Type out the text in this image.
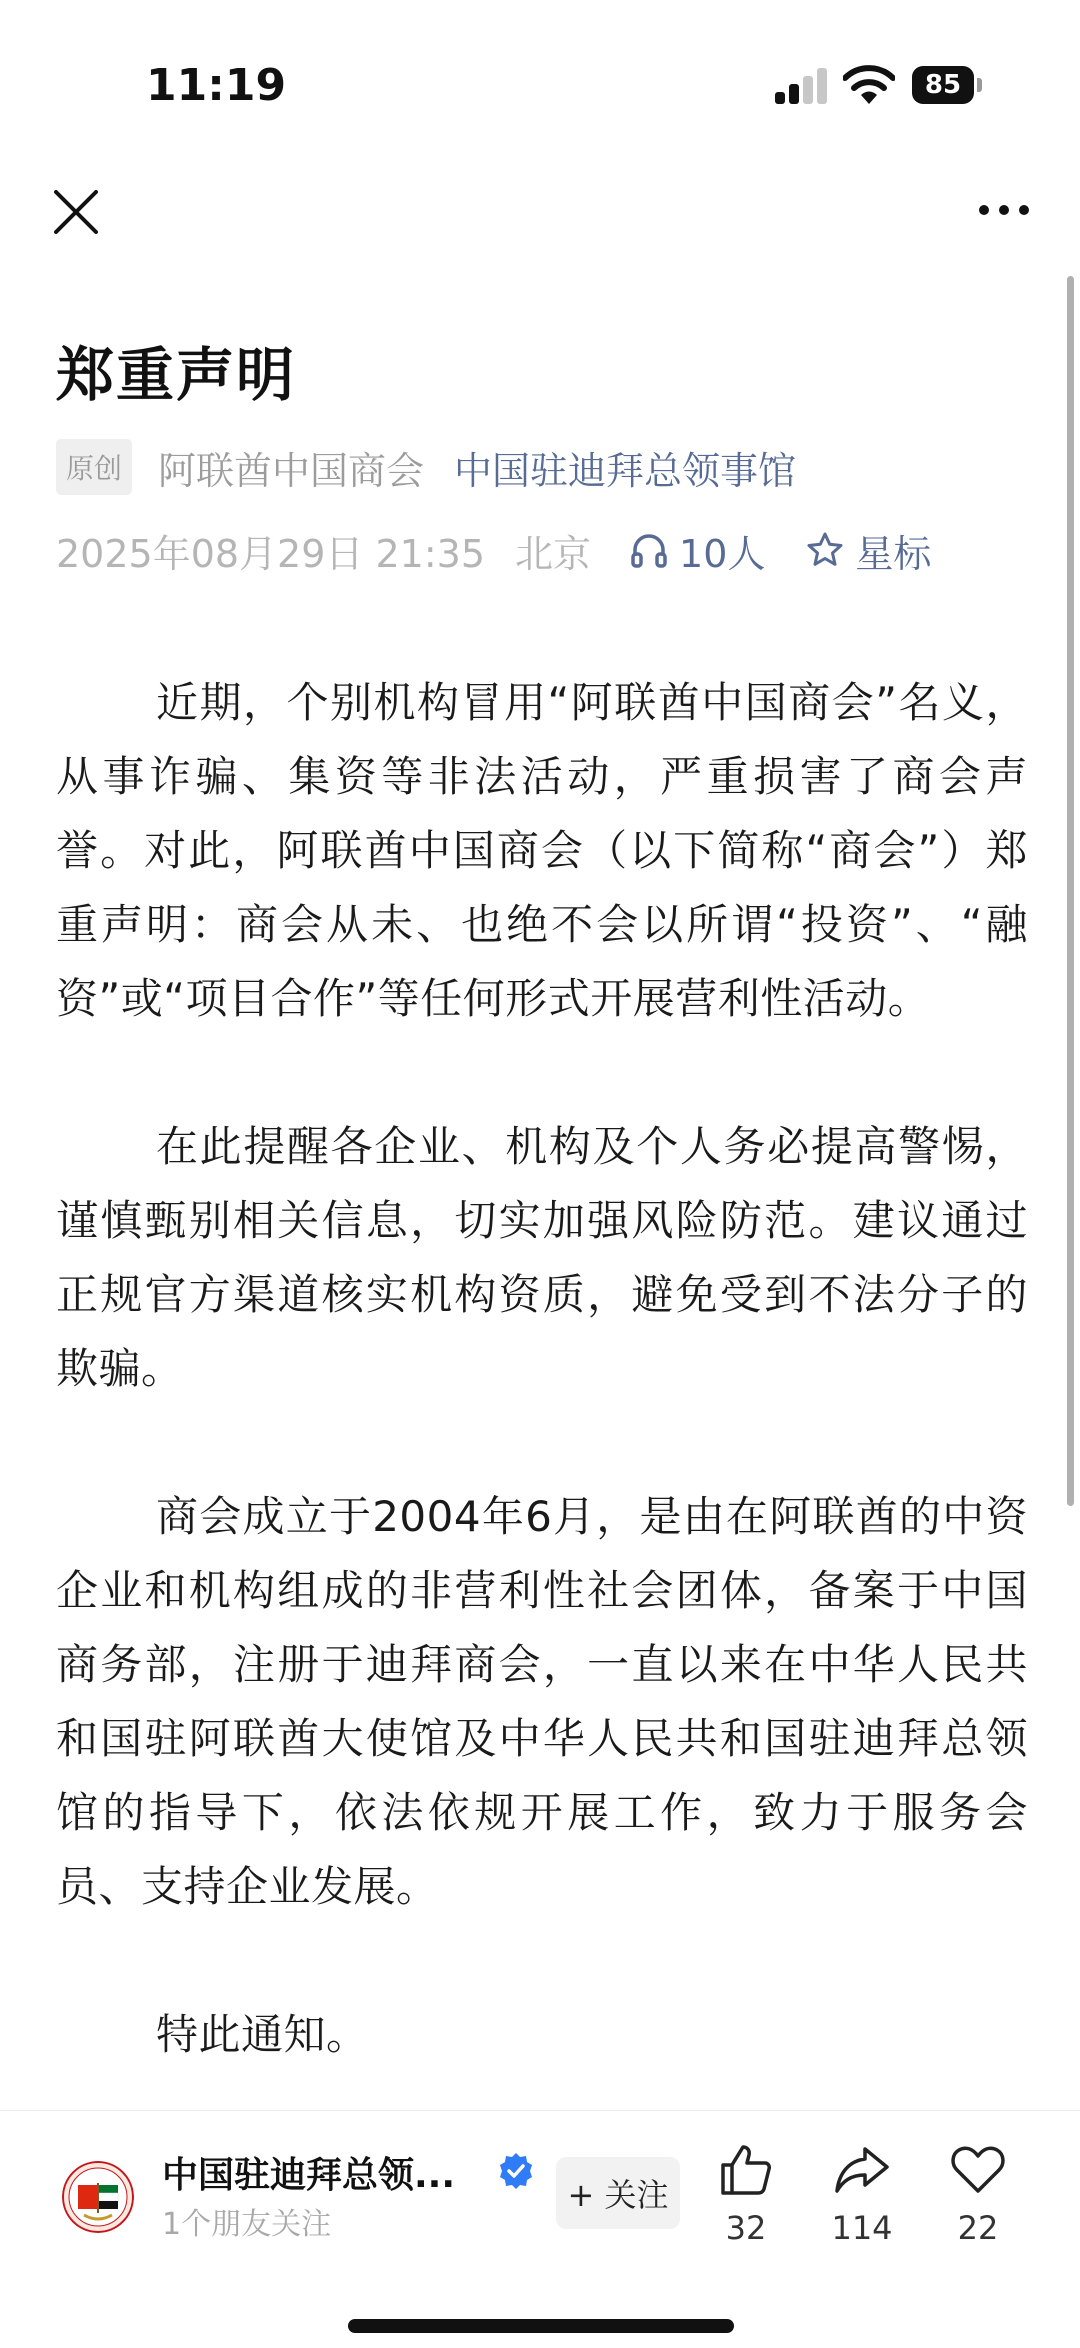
11:19	85
郑重声明
原创 阿联酋中国商会 中国驻迪拜总领事馆
2025年08月29日 21:35 北京 10人 星标

近期，个别机构冒用“阿联酋中国商会”名义，从事诈骗、集资等非法活动，严重损害了商会声誉。对此，阿联酋中国商会（以下简称“商会”）郑重声明：商会从未、也绝不会以所谓“投资”、“融资”或“项目合作”等任何形式开展营利性活动。

在此提醒各企业、机构及个人务必提高警惕，谨慎甄别相关信息，切实加强风险防范。建议通过正规官方渠道核实机构资质，避免受到不法分子的欺骗。

商会成立于2004年6月，是由在阿联酋的中资企业和机构组成的非营利性社会团体，备案于中国商务部，注册于迪拜商会，一直以来在中华人民共和国驻阿联酋大使馆及中华人民共和国驻迪拜总领馆的指导下，依法依规开展工作，致力于服务会员、支持企业发展。

特此通知。

中国驻迪拜总领...
1个朋友关注
+ 关注
32	114	22
